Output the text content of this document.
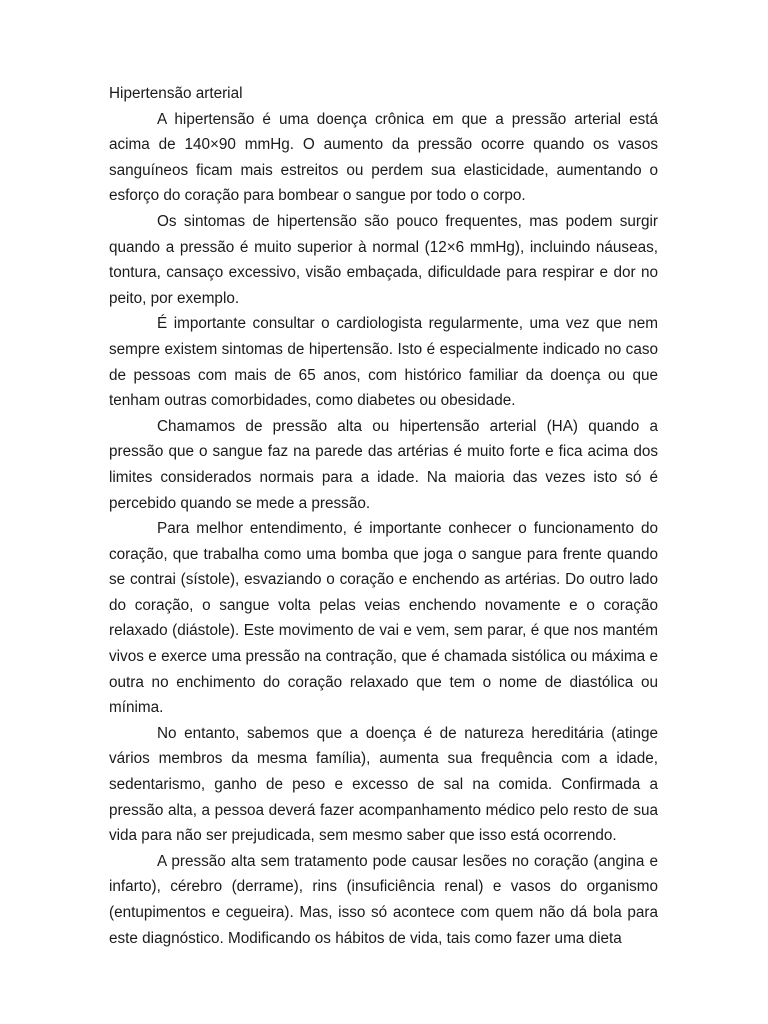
Hipertensão arterial

A hipertensão é uma doença crônica em que a pressão arterial está acima de 140×90 mmHg. O aumento da pressão ocorre quando os vasos sanguíneos ficam mais estreitos ou perdem sua elasticidade, aumentando o esforço do coração para bombear o sangue por todo o corpo.

Os sintomas de hipertensão são pouco frequentes, mas podem surgir quando a pressão é muito superior à normal (12×6 mmHg), incluindo náuseas, tontura, cansaço excessivo, visão embaçada, dificuldade para respirar e dor no peito, por exemplo.

É importante consultar o cardiologista regularmente, uma vez que nem sempre existem sintomas de hipertensão. Isto é especialmente indicado no caso de pessoas com mais de 65 anos, com histórico familiar da doença ou que tenham outras comorbidades, como diabetes ou obesidade.

Chamamos de pressão alta ou hipertensão arterial (HA) quando a pressão que o sangue faz na parede das artérias é muito forte e fica acima dos limites considerados normais para a idade. Na maioria das vezes isto só é percebido quando se mede a pressão.

Para melhor entendimento, é importante conhecer o funcionamento do coração, que trabalha como uma bomba que joga o sangue para frente quando se contrai (sístole), esvaziando o coração e enchendo as artérias. Do outro lado do coração, o sangue volta pelas veias enchendo novamente e o coração relaxado (diástole). Este movimento de vai e vem, sem parar, é que nos mantém vivos e exerce uma pressão na contração, que é chamada sistólica ou máxima e outra no enchimento do coração relaxado que tem o nome de diastólica ou mínima.

No entanto, sabemos que a doença é de natureza hereditária (atinge vários membros da mesma família), aumenta sua frequência com a idade, sedentarismo, ganho de peso e excesso de sal na comida. Confirmada a pressão alta, a pessoa deverá fazer acompanhamento médico pelo resto de sua vida para não ser prejudicada, sem mesmo saber que isso está ocorrendo.

A pressão alta sem tratamento pode causar lesões no coração (angina e infarto), cérebro (derrame), rins (insuficiência renal) e vasos do organismo (entupimentos e cegueira). Mas, isso só acontece com quem não dá bola para este diagnóstico. Modificando os hábitos de vida, tais como fazer uma dieta
